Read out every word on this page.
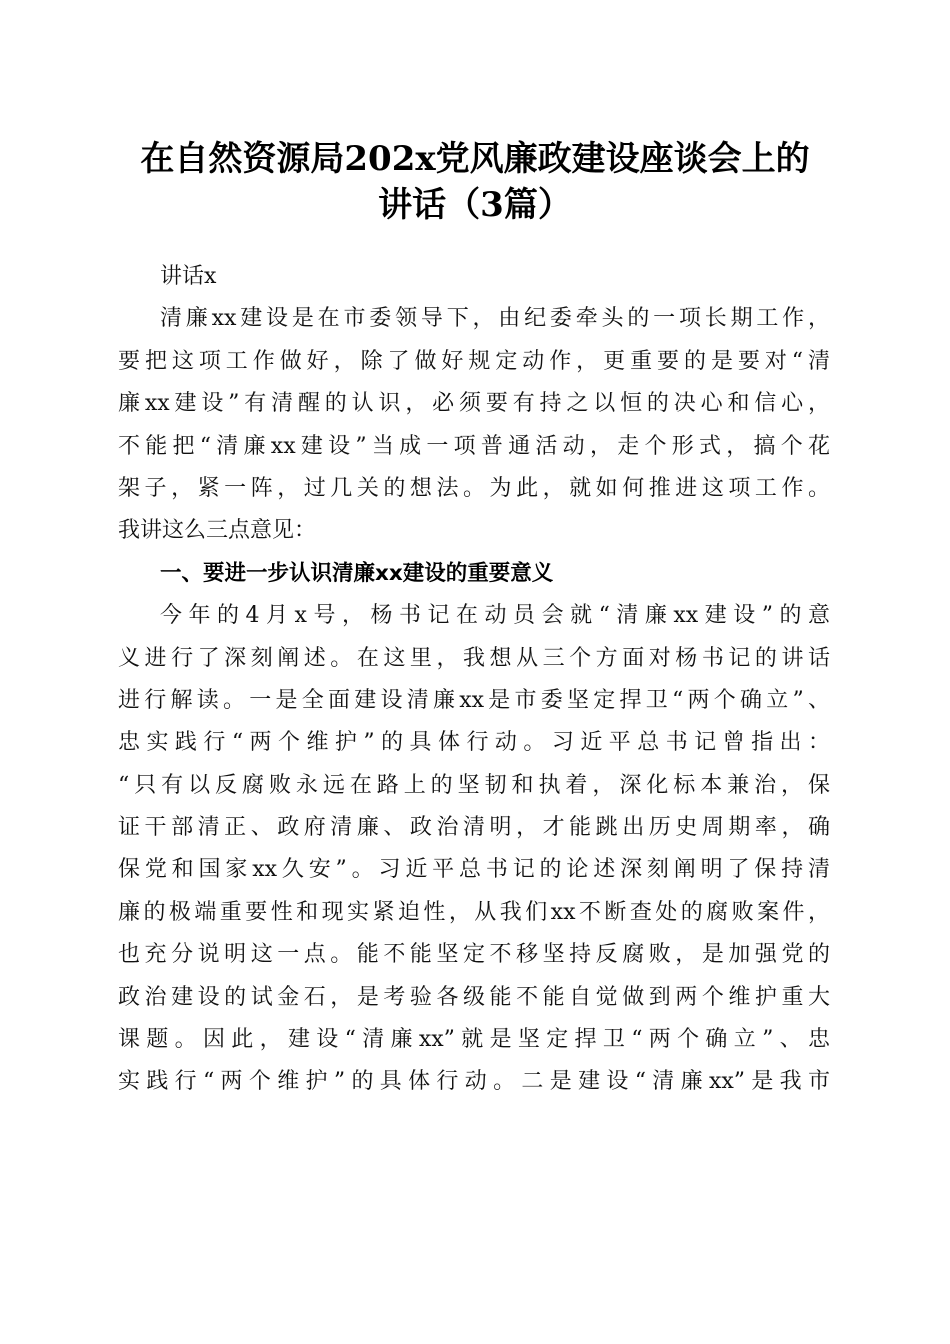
在自然资源局202x党风廉政建设座谈会上的
讲话（3篇）
讲话x
清廉xx建设是在市委领导下，由纪委牵头的一项长期工作，
要把这项工作做好，除了做好规定动作，更重要的是要对“清
廉xx建设”有清醒的认识，必须要有持之以恒的决心和信心，
不能把“清廉xx建设”当成一项普通活动，走个形式，搞个花
架子，紧一阵，过几关的想法。为此，就如何推进这项工作。
我讲这么三点意见：
一、要进一步认识清廉xx建设的重要意义
今年的4月x号，杨书记在动员会就“清廉xx建设”的意
义进行了深刻阐述。在这里，我想从三个方面对杨书记的讲话
进行解读。一是全面建设清廉xx是市委坚定捍卫“两个确立”、
忠实践行“两个维护”的具体行动。习近平总书记曾指出：
“只有以反腐败永远在路上的坚韧和执着，深化标本兼治，保
证干部清正、政府清廉、政治清明，才能跳出历史周期率，确
保党和国家xx久安”。习近平总书记的论述深刻阐明了保持清
廉的极端重要性和现实紧迫性，从我们xx不断查处的腐败案件，
也充分说明这一点。能不能坚定不移坚持反腐败，是加强党的
政治建设的试金石，是考验各级能不能自觉做到两个维护重大
课题。因此，建设“清廉xx”就是坚定捍卫“两个确立”、忠
实践行“两个维护”的具体行动。二是建设“清廉xx”是我市
